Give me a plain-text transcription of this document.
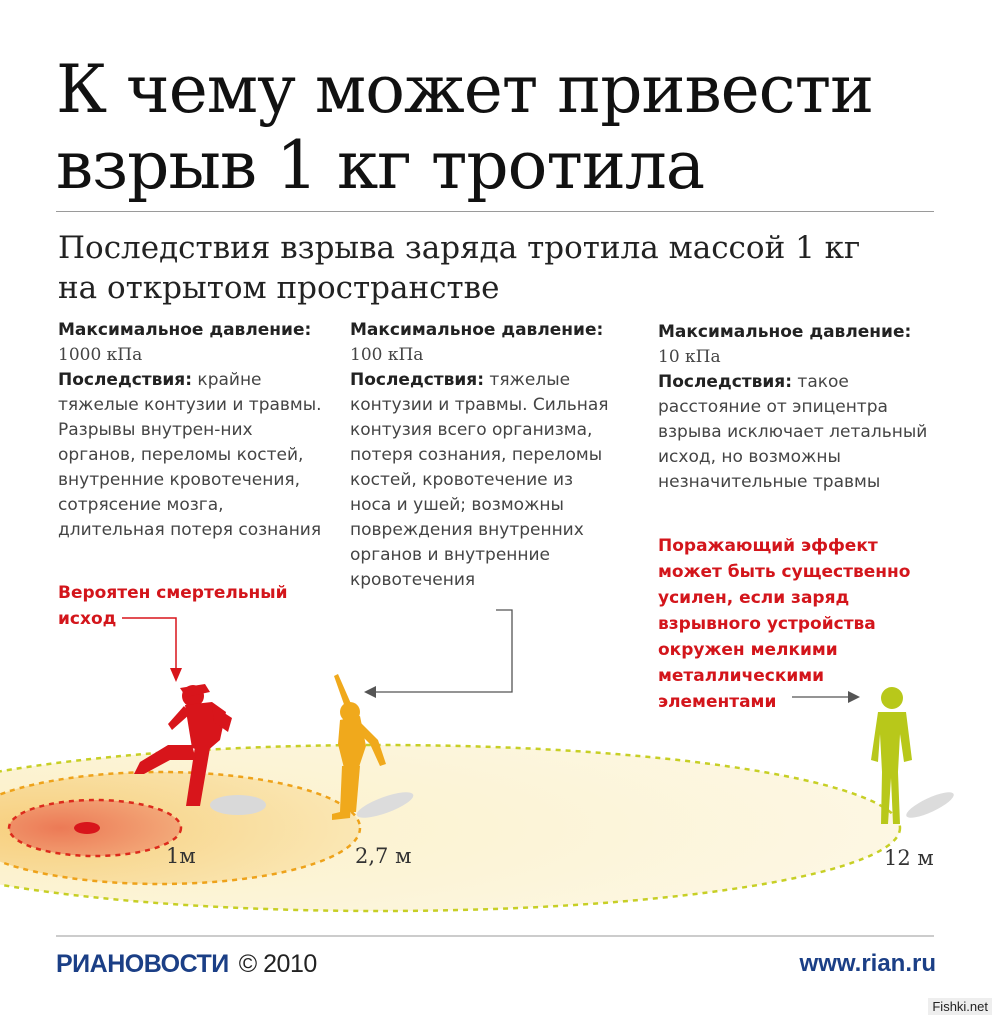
К чему может привести
взрыв 1 кг тротила
Последствия взрыва заряда тротила массой 1 кг
на открытом пространстве
Максимальное давление:
1000 кПа

Последствия: крайне тяжелые контузии и травмы. Разрывы внутрен-них органов, переломы костей, внутренние кровотечения, сотрясение мозга, длительная потеря сознания

Вероятен смертельный исход
Максимальное давление:
100 кПа

Последствия: тяжелые контузии и травмы. Сильная контузия всего организма, потеря сознания, переломы костей, кровотечение из носа и ушей; возможны повреждения внутренних органов и внутренние кровотечения

Максимальное давление:
10 кПа

Последствия: такое расстояние от эпицентра взрыва исключает летальный исход, но возможны незначительные травмы

Поражающий эффект может быть существенно усилен, если заряд взрывного устройства окружен мелкими металлическими элементами
1м	2,7 м	12 м
РИАНОВОСТИ © 2010	www.rian.ru
Fishki.net
